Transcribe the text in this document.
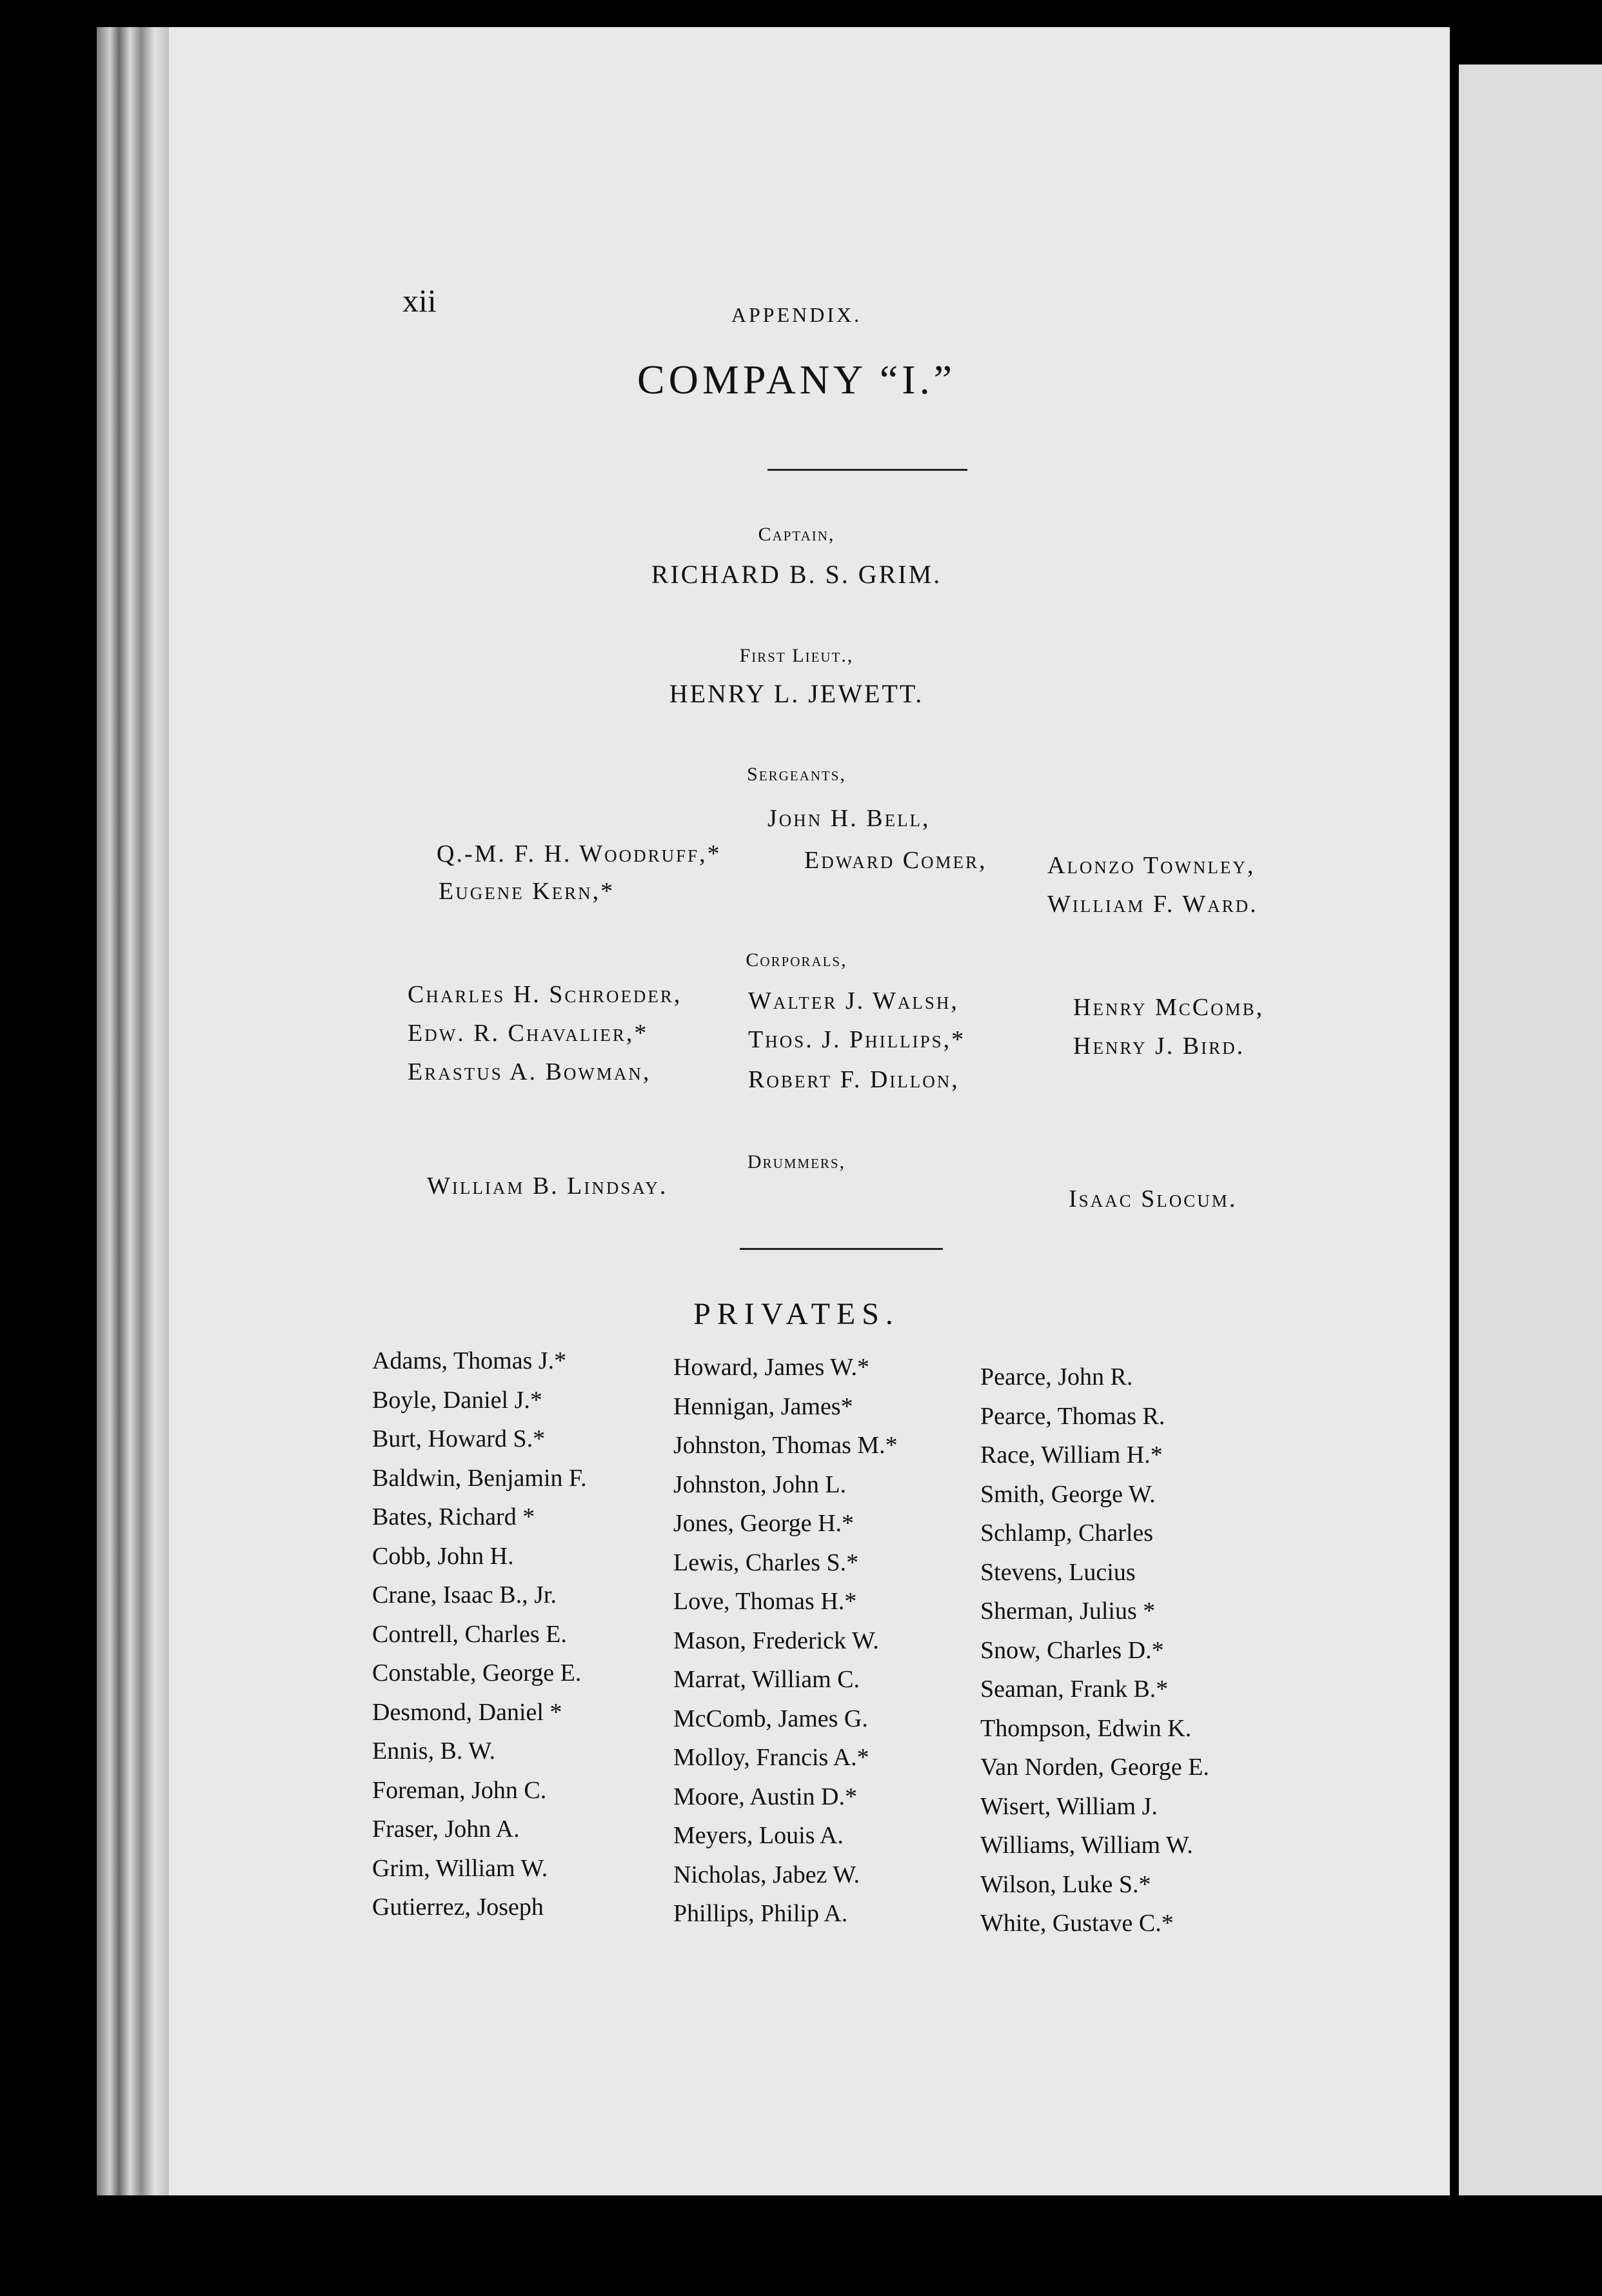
xii	APPENDIX.
COMPANY “I.”
Captain,
RICHARD B. S. GRIM.
First Lieut.,
HENRY L. JEWETT.
Sergeants,
John H. Bell,
Q.-M. F. H. Woodruff,*
Eugene Kern,*
Edward Comer, Alonzo Townley,
William F. Ward.
Corporals,
Charles H. Schroeder,
Edw. R. Chavalier,*
Erastus A. Bowman,
Walter J. Walsh,
Thos. J. Phillips,*
Robert F. Dillon,
Henry McComb,
Henry J. Bird.
Drummers,
William B. Lindsay.	Isaac Slocum.
PRIVATES.
Adams, Thomas J.*
Boyle, Daniel J.*
Burt, Howard S.*
Baldwin, Benjamin F.
Bates, Richard *
Cobb, John H.
Crane, Isaac B., Jr.
Contrell, Charles E.
Constable, George E.
Desmond, Daniel *
Ennis, B. W.
Foreman, John C.
Fraser, John A.
Grim, William W.
Gutierrez, Joseph
Howard, James W.*
Hennigan, James*
Johnston, Thomas M.*
Johnston, John L.
Jones, George H.*
Lewis, Charles S.*
Love, Thomas H.*
Mason, Frederick W.
Marrat, William C.
McComb, James G.
Molloy, Francis A.*
Moore, Austin D.*
Meyers, Louis A.
Nicholas, Jabez W.
Phillips, Philip A.
Pearce, John R.
Pearce, Thomas R.
Race, William H.*
Smith, George W.
Schlamp, Charles
Stevens, Lucius
Sherman, Julius *
Snow, Charles D.*
Seaman, Frank B.*
Thompson, Edwin K.
Van Norden, George E.
Wisert, William J.
Williams, William W.
Wilson, Luke S.*
White, Gustave C.*
